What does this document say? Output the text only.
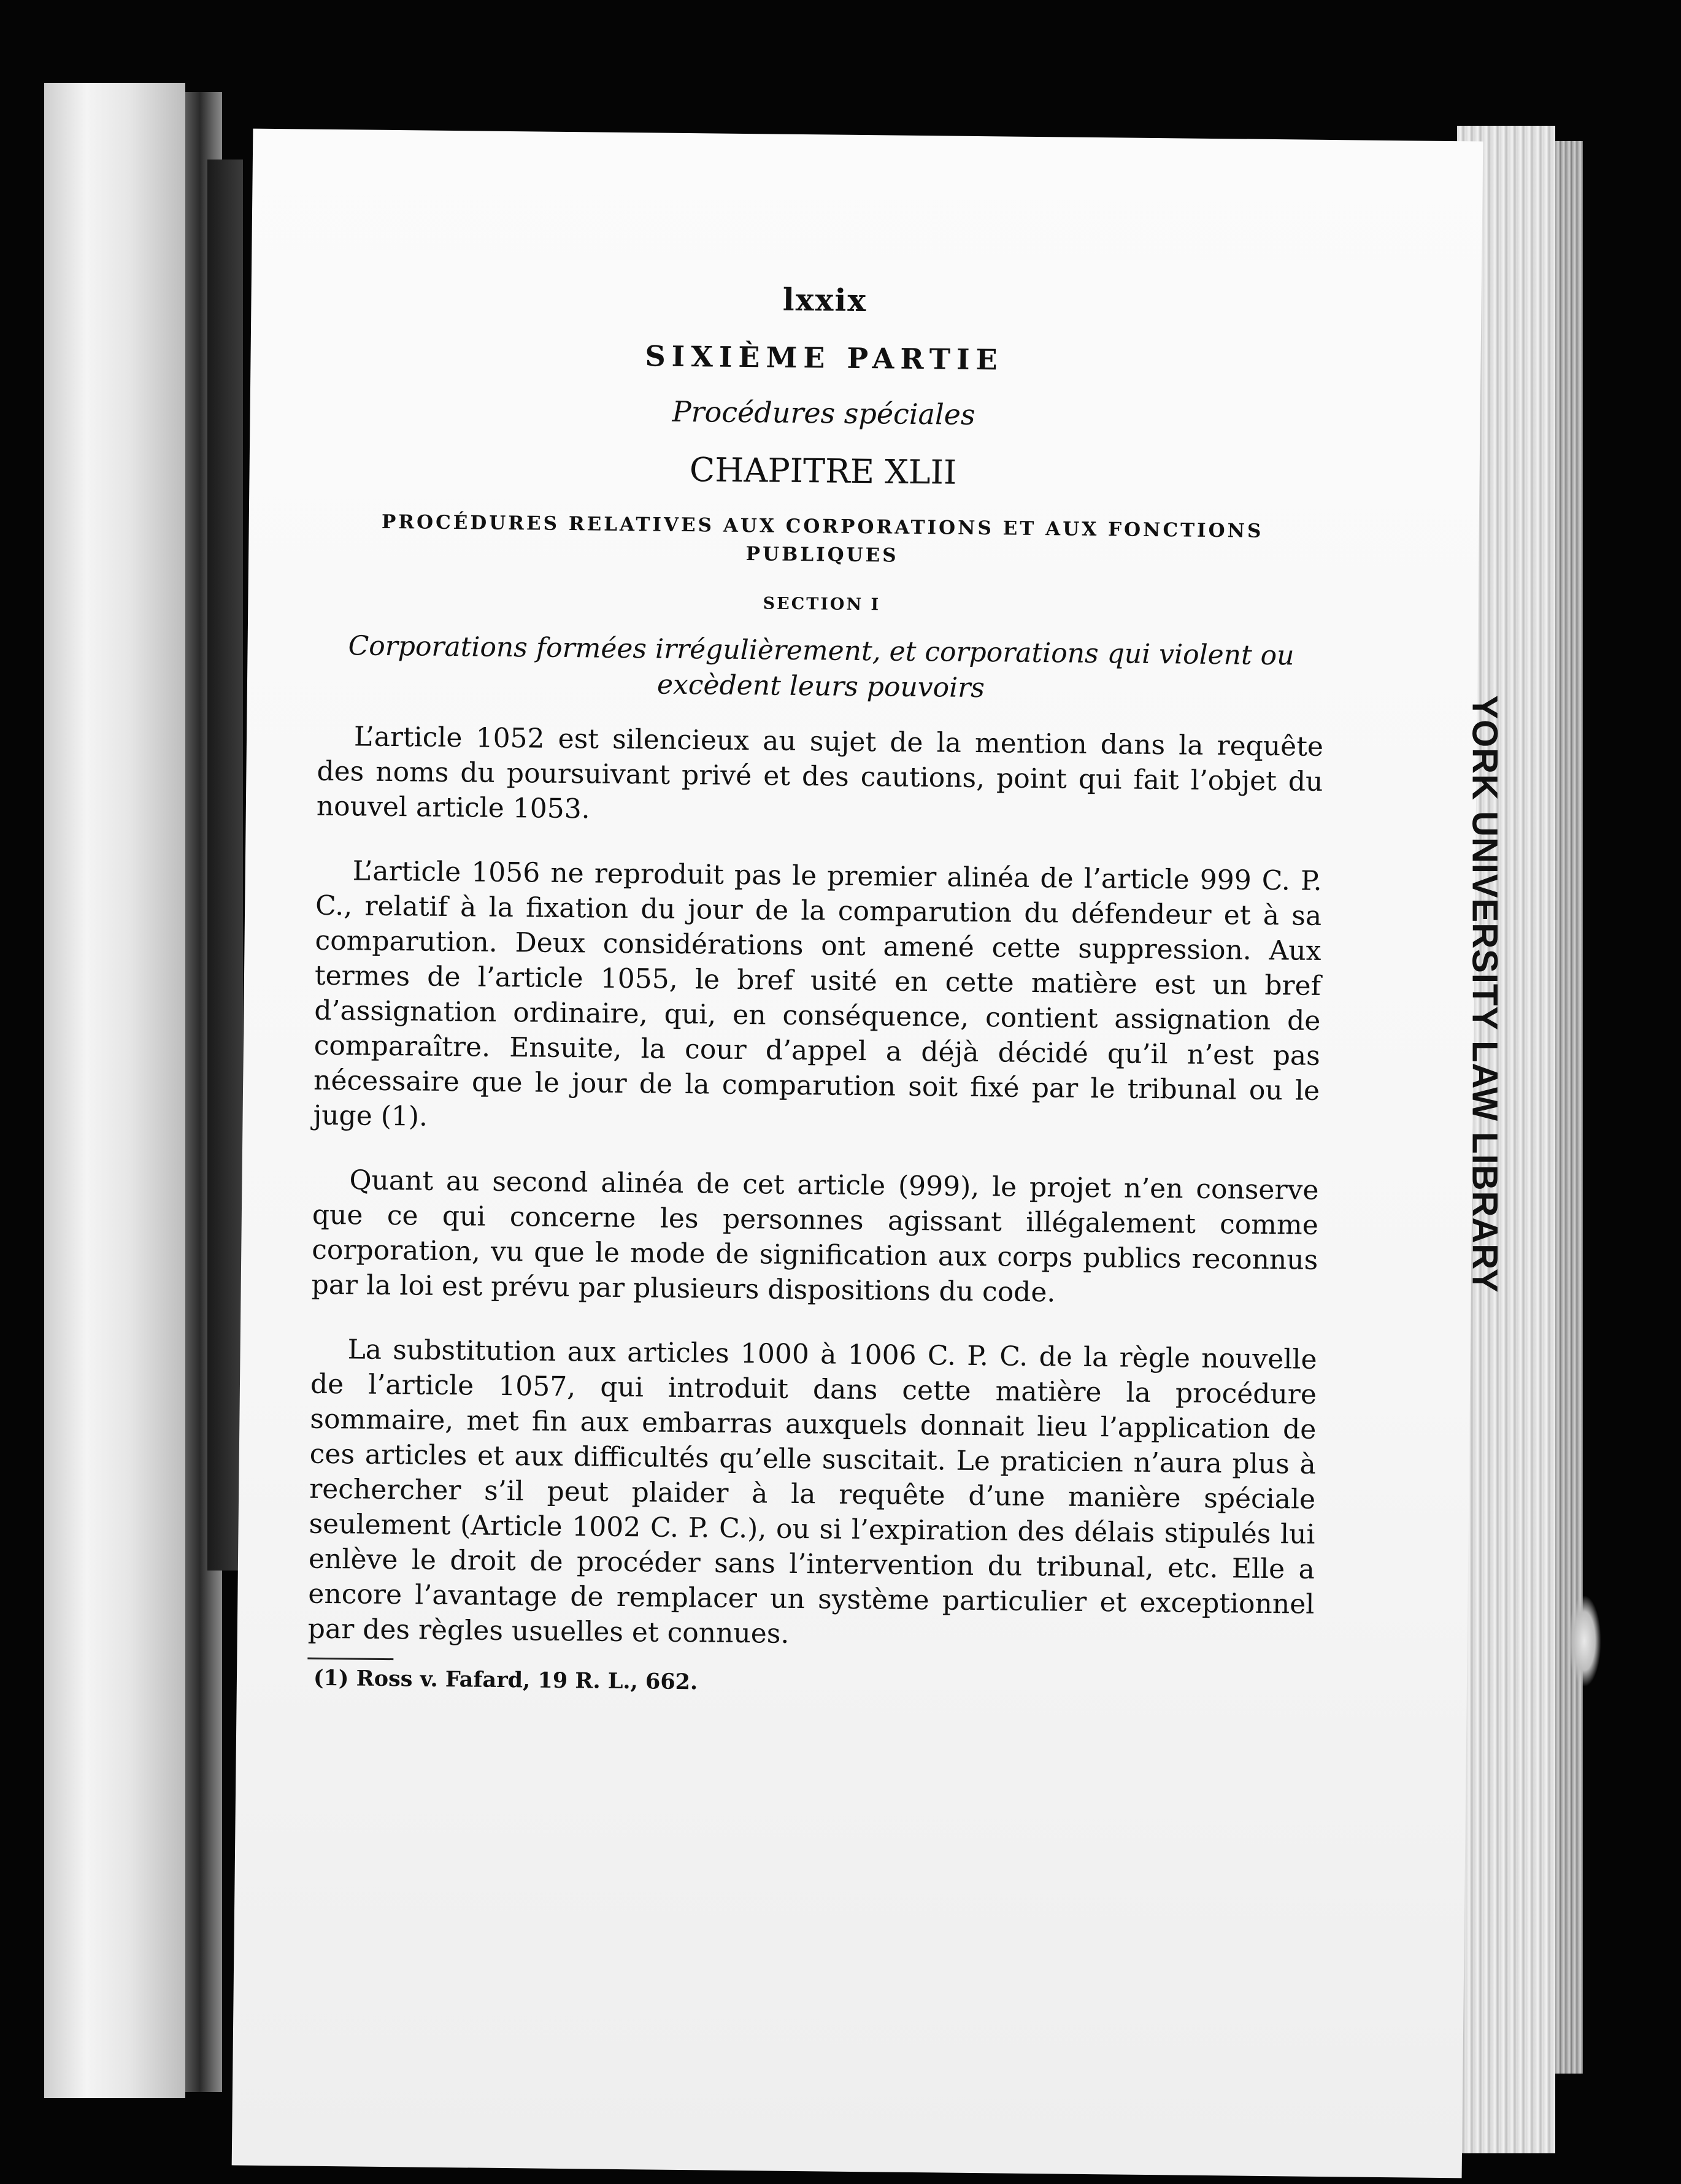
lxxix
SIXIÈME PARTIE
Procédures spéciales
CHAPITRE XLII
PROCÉDURES RELATIVES AUX CORPORATIONS ET AUX FONCTIONS PUBLIQUES
SECTION I
Corporations formées irrégulièrement, et corporations qui violent ou excèdent leurs pouvoirs

L’article 1052 est silencieux au sujet de la mention dans la requête des noms du poursuivant privé et des cautions, point qui fait l’objet du nouvel article 1053.

L’article 1056 ne reproduit pas le premier alinéa de l’article 999 C. P. C., relatif à la fixation du jour de la comparution du défendeur et à sa comparution. Deux considérations ont amené cette suppression. Aux termes de l’article 1055, le bref usité en cette matière est un bref d’assignation ordinaire, qui, en conséquence, contient assignation de comparaître. Ensuite, la cour d’appel a déjà décidé qu’il n’est pas nécessaire que le jour de la comparution soit fixé par le tribunal ou le juge (1).

Quant au second alinéa de cet article (999), le projet n’en conserve que ce qui concerne les personnes agissant illégalement comme corporation, vu que le mode de signification aux corps publics reconnus par la loi est prévu par plusieurs dispositions du code.

La substitution aux articles 1000 à 1006 C. P. C. de la règle nouvelle de l’article 1057, qui introduit dans cette matière la procédure sommaire, met fin aux embarras auxquels donnait lieu l’application de ces articles et aux difficultés qu’elle suscitait. Le praticien n’aura plus à rechercher s’il peut plaider à la requête d’une manière spéciale seulement (Article 1002 C. P. C.), ou si l’expiration des délais stipulés lui enlève le droit de procéder sans l’intervention du tribunal, etc. Elle a encore l’avantage de remplacer un système particulier et exceptionnel par des règles usuelles et connues.

(1) Ross v. Fafard, 19 R. L., 662.
YORK UNIVERSITY LAW LIBRARY
